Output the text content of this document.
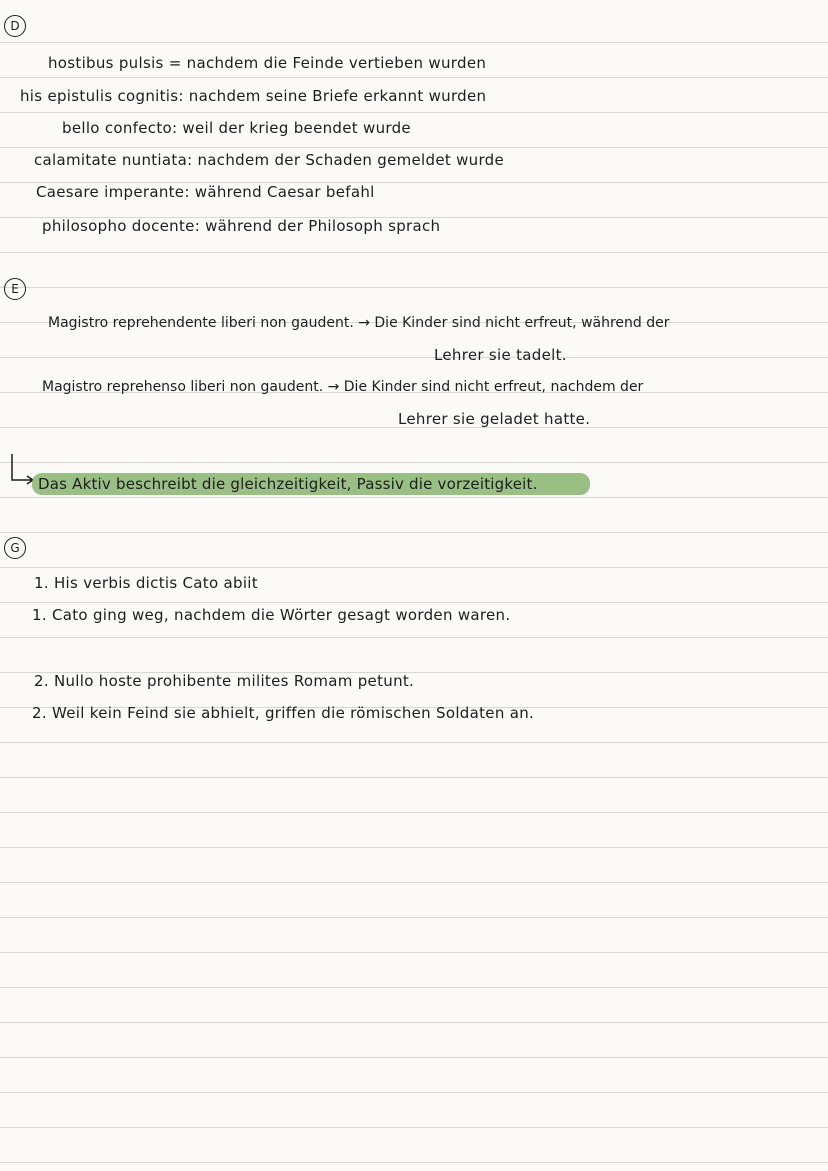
D
hostibus pulsis = nachdem die Feinde vertieben wurden
his epistulis cognitis: nachdem seine Briefe erkannt wurden
bello confecto: weil der krieg beendet wurde
calamitate nuntiata: nachdem der Schaden gemeldet wurde
Caesare imperante: während Caesar befahl
philosopho docente: während der Philosoph sprach
E
Magistro reprehendente liberi non gaudent. → Die Kinder sind nicht erfreut, während der
Lehrer sie tadelt.
Magistro reprehenso liberi non gaudent. → Die Kinder sind nicht erfreut, nachdem der
Lehrer sie geladet hatte.
Das Aktiv beschreibt die gleichzeitigkeit, Passiv die vorzeitigkeit.
G
1. His verbis dictis Cato abiit
1. Cato ging weg, nachdem die Wörter gesagt worden waren.
2. Nullo hoste prohibente milites Romam petunt.
2. Weil kein Feind sie abhielt, griffen die römischen Soldaten an.
